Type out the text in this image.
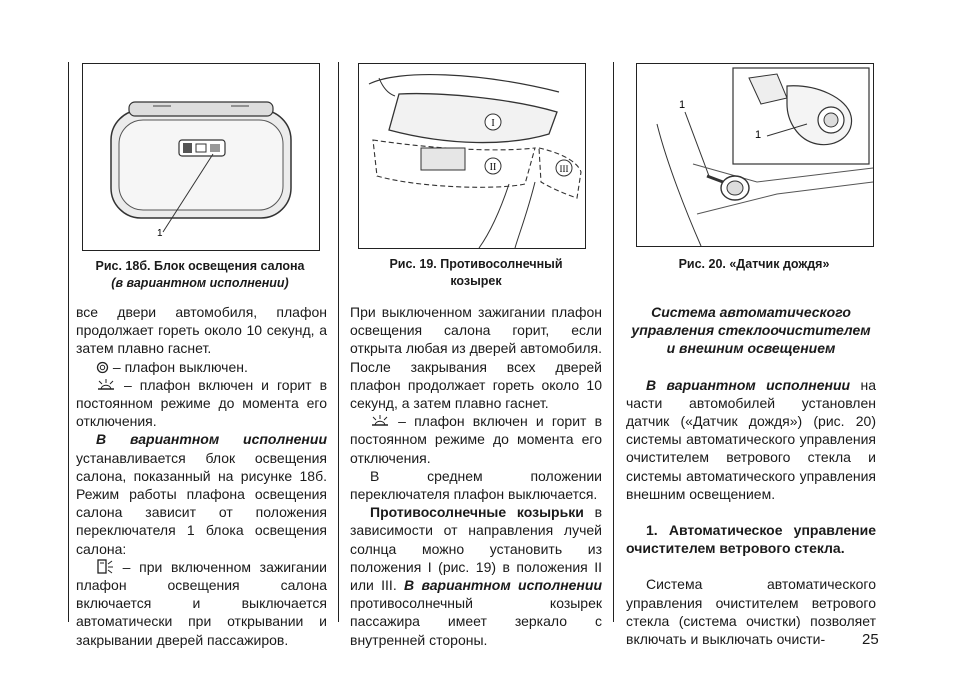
1
Рис. 18б. Блок освещения салона
(в вариантном исполнении)
I
II	III
Рис. 19. Противосолнечный
козырек
1
1
Рис. 20. «Датчик дождя»

все двери автомобиля, плафон продолжает гореть около 10 секунд, а затем плавно гаснет.

– плафон выключен.

– плафон включен и горит в постоянном режиме до момента его отключения.

В вариантном исполнении устанавливается блок освещения салона, показанный на рисунке 18б. Режим работы плафона освещения салона зависит от положения переключателя 1 блока освещения салона:

– при включенном зажигании плафон освещения салона включается и выключается автоматически при открывании и закрывании дверей пассажиров.

При выключенном зажигании плафон освещения салона горит, если открыта любая из дверей автомобиля. После закрывания всех дверей плафон продолжает гореть около 10 секунд, а затем плавно гаснет.

– плафон включен и горит в постоянном режиме до момента его отключения.

В среднем положении переключателя плафон выключается.

Противосолнечные козырьки в зависимости от направления лучей солнца можно установить из положения I (рис. 19) в положения II или III. В вариантном исполнении противосолнечный козырек пассажира имеет зеркало с внутренней стороны.

Система автоматического управления стеклоочистителем и внешним освещением

В вариантном исполнении на части автомобилей установлен датчик («Датчик дождя») (рис. 20) системы автоматического управления очистителем ветрового стекла и системы автоматического управления внешним освещением.

1. Автоматическое управление очистителем ветрового стекла.

Система автоматического управления очистителем ветрового стекла (система очистки) позволяет включать и выключать очисти-	25
